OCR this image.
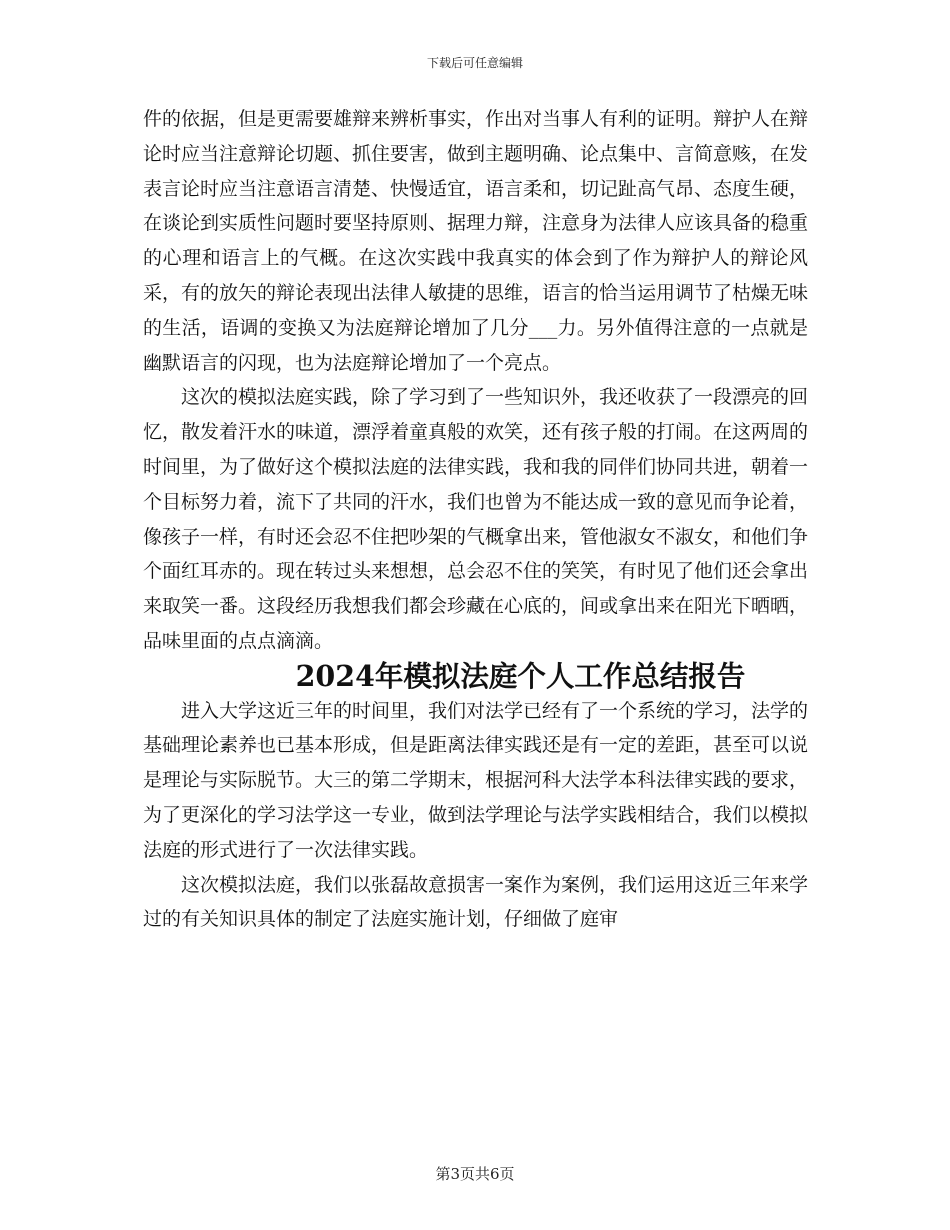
下载后可任意编辑

件的依据，但是更需要雄辩来辨析事实，作出对当事人有利的证明。辩护人在辩论时应当注意辩论切题、抓住要害，做到主题明确、论点集中、言简意赅，在发表言论时应当注意语言清楚、快慢适宜，语言柔和，切记趾高气昂、态度生硬，在谈论到实质性问题时要坚持原则、据理力辩，注意身为法律人应该具备的稳重的心理和语言上的气概。在这次实践中我真实的体会到了作为辩护人的辩论风采，有的放矢的辩论表现出法律人敏捷的思维，语言的恰当运用调节了枯燥无味的生活，语调的变换又为法庭辩论增加了几分___力。另外值得注意的一点就是幽默语言的闪现，也为法庭辩论增加了一个亮点。

这次的模拟法庭实践，除了学习到了一些知识外，我还收获了一段漂亮的回忆，散发着汗水的味道，漂浮着童真般的欢笑，还有孩子般的打闹。在这两周的时间里，为了做好这个模拟法庭的法律实践，我和我的同伴们协同共进，朝着一个目标努力着，流下了共同的汗水，我们也曾为不能达成一致的意见而争论着，像孩子一样，有时还会忍不住把吵架的气概拿出来，管他淑女不淑女，和他们争个面红耳赤的。现在转过头来想想，总会忍不住的笑笑，有时见了他们还会拿出来取笑一番。这段经历我想我们都会珍藏在心底的，间或拿出来在阳光下晒晒，品味里面的点点滴滴。

2024年模拟法庭个人工作总结报告

进入大学这近三年的时间里，我们对法学已经有了一个系统的学习，法学的基础理论素养也已基本形成，但是距离法律实践还是有一定的差距，甚至可以说是理论与实际脱节。大三的第二学期末，根据河科大法学本科法律实践的要求，为了更深化的学习法学这一专业，做到法学理论与法学实践相结合，我们以模拟法庭的形式进行了一次法律实践。

这次模拟法庭，我们以张磊故意损害一案作为案例，我们运用这近三年来学过的有关知识具体的制定了法庭实施计划，仔细做了庭审

第3页共6页
